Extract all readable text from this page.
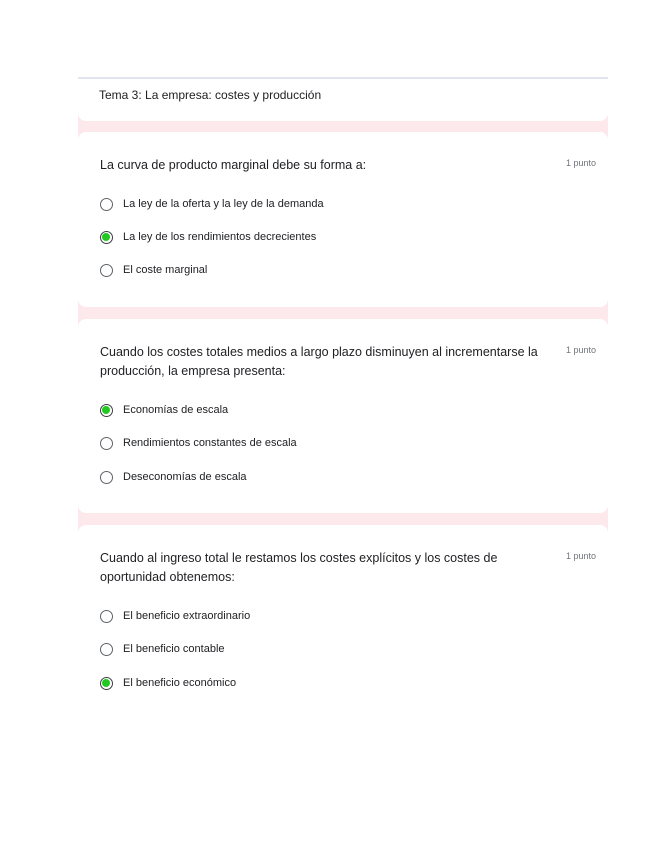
Tema 3: La empresa: costes y producción
La curva de producto marginal debe su forma a:	1 punto
La ley de la oferta y la ley de la demanda
La ley de los rendimientos decrecientes
El coste marginal
Cuando los costes totales medios a largo plazo disminuyen al incrementarse la producción, la empresa presenta:
1 punto
Economías de escala
Rendimientos constantes de escala
Deseconomías de escala
Cuando al ingreso total le restamos los costes explícitos y los costes de oportunidad obtenemos:
1 punto
El beneficio extraordinario
El beneficio contable
El beneficio económico
